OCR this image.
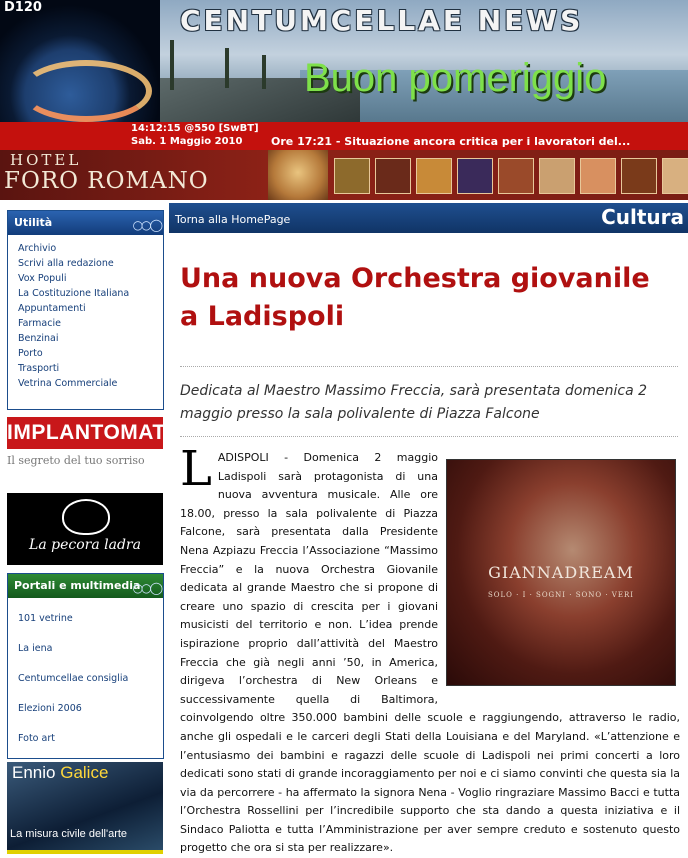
D120	CENTUMCELLAE NEWS
Buon pomeriggio
14:12:15 @550 [SwBT]
Sab. 1 Maggio 2010	Ore 17:21 - Situazione ancora critica per i lavoratori del...
HOTEL
FORO ROMANO
Utilità	○○◯
Archivio
Scrivi alla redazione
Vox Populi
La Costituzione Italiana
Appuntamenti
Farmacie
Benzinai
Porto
Trasporti
Vetrina Commerciale
IMPLANTOMAT
Il segreto del tuo sorriso
La pecora ladra
Portali e multimedia
○○◯
101 vetrine
La iena
Centumcellae consiglia
Elezioni 2006
Foto art
Ennio Galice
La misura civile dell'arte
Torna alla HomePage	Cultura
Una nuova Orchestra giovanile a Ladispoli

Dedicata al Maestro Massimo Freccia, sarà presentata domenica 2 maggio presso la sala polivalente di Piazza Falcone

GIANNADREAM
SOLO · I · SOGNI · SONO · VERI
L ADISPOLI - Domenica 2 maggio Ladispoli sarà protagonista di una nuova avventura musicale. Alle ore 18.00, presso la sala polivalente di Piazza Falcone, sarà presentata dalla Presidente Nena Azpiazu Freccia l’Associazione “Massimo Freccia” e la nuova Orchestra Giovanile dedicata al grande Maestro che si propone di creare uno spazio di crescita per i giovani musicisti del territorio e non. L’idea prende ispirazione proprio dall’attività del Maestro Freccia che già negli anni ’50, in America, dirigeva l’orchestra di New Orleans e successivamente quella di Baltimora, coinvolgendo oltre 350.000 bambini delle scuole e raggiungendo, attraverso le radio, anche gli ospedali e le carceri degli Stati della Louisiana e del Maryland. «L’attenzione e l’entusiasmo dei bambini e ragazzi delle scuole di Ladispoli nei primi concerti a loro dedicati sono stati di grande incoraggiamento per noi e ci siamo convinti che questa sia la via da percorrere - ha affermato la signora Nena - Voglio ringraziare Massimo Bacci e tutta l’Orchestra Rossellini per l’incredibile supporto che sta dando a questa iniziativa e il Sindaco Paliotta e tutta l’Amministrazione per aver sempre creduto e sostenuto questo progetto che ora si sta per realizzare».
